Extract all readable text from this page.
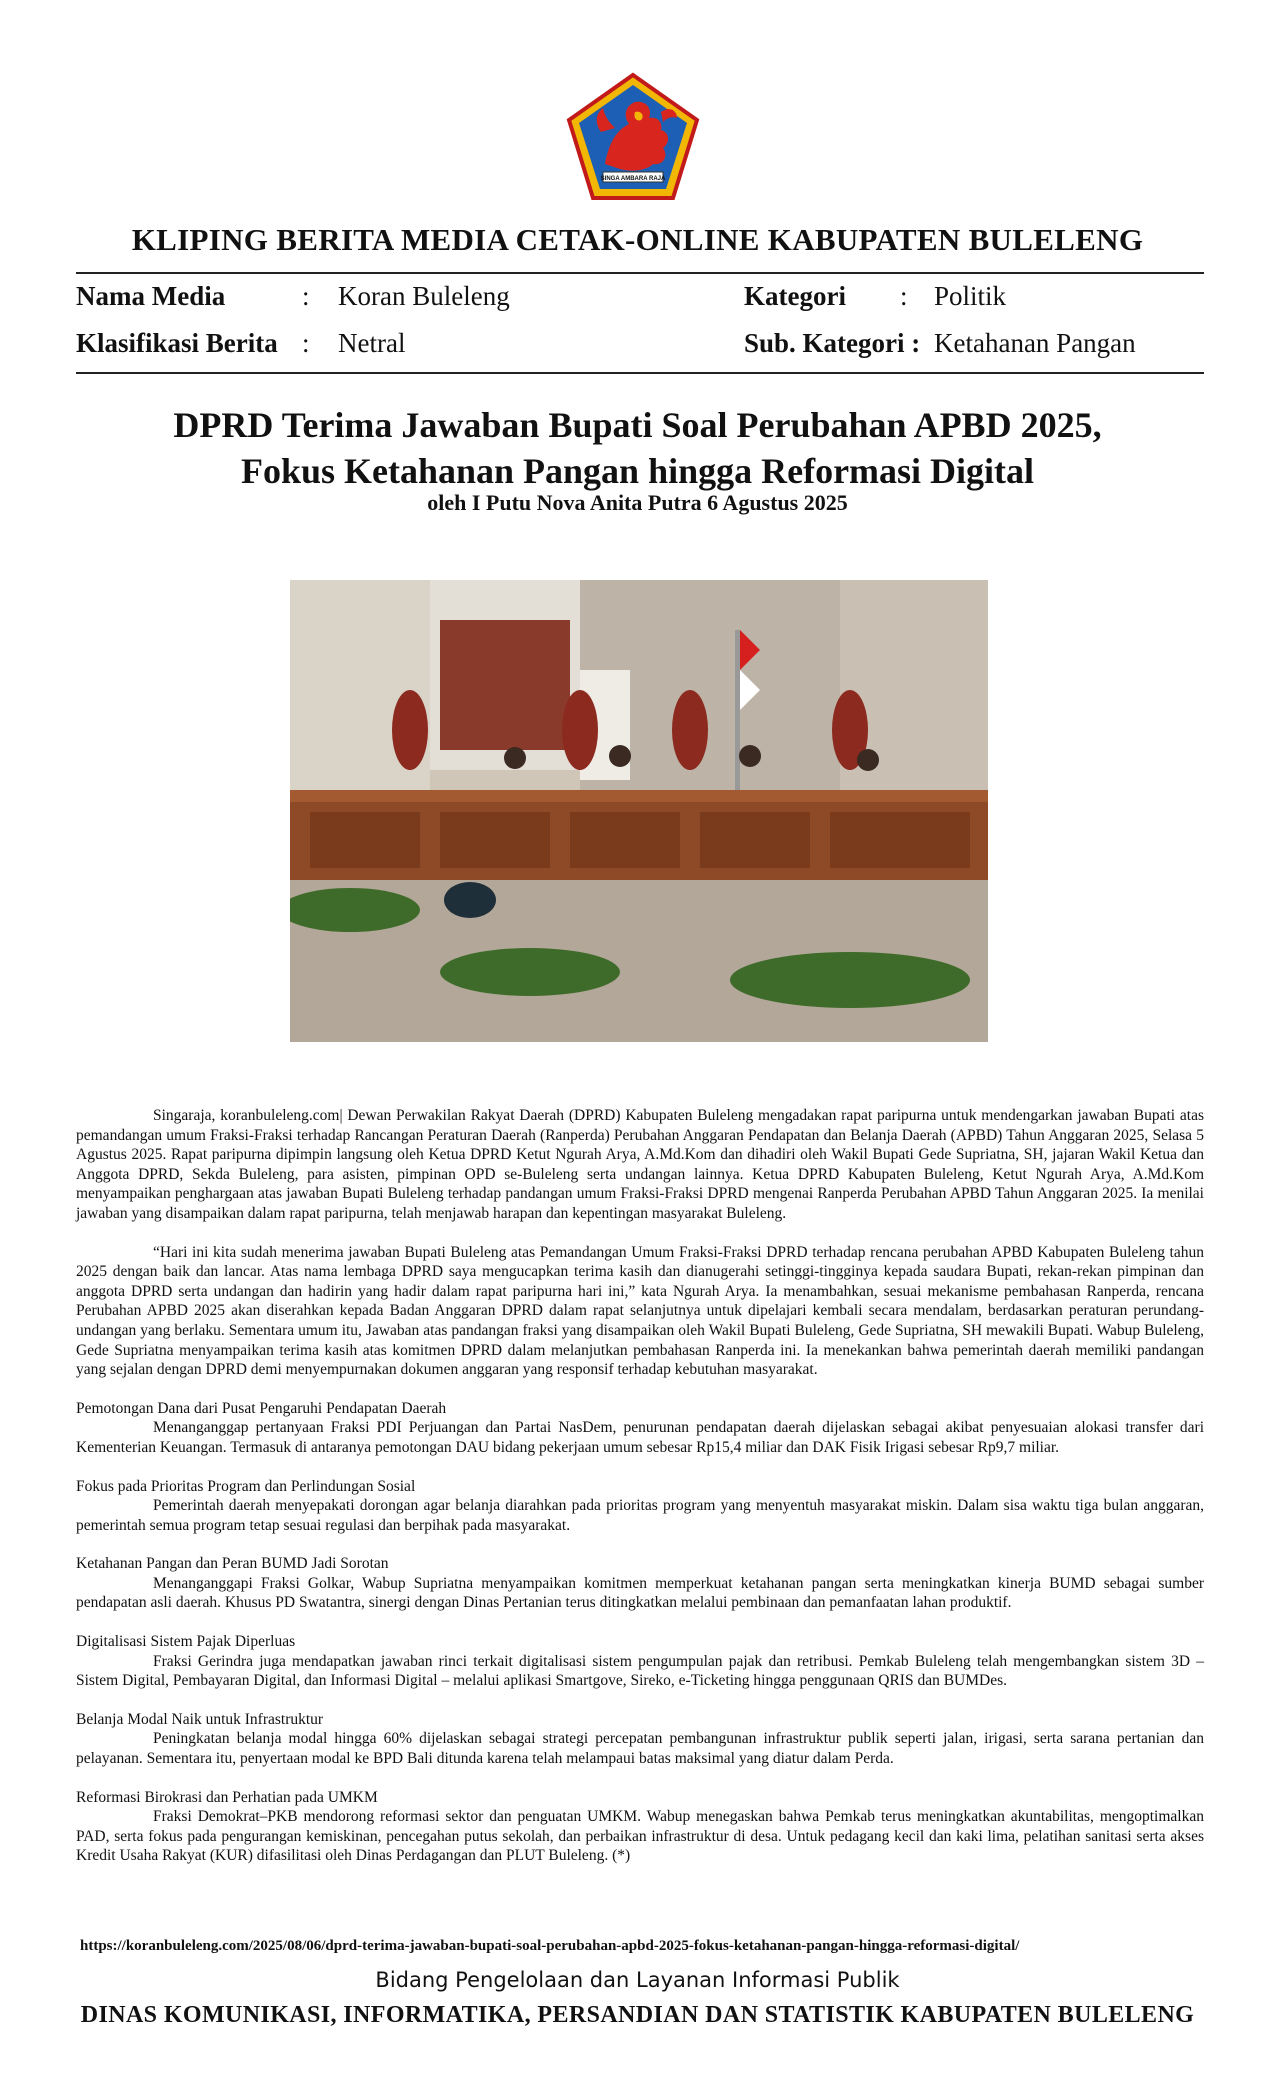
SINGA AMBARA RAJA
KLIPING BERITA MEDIA CETAK-ONLINE KABUPATEN BULELENG
Nama Media	: Koran Buleleng	Kategori : Politik
Klasifikasi Berita : Netral	Sub. Kategori : Ketahanan Pangan
DPRD Terima Jawaban Bupati Soal Perubahan APBD 2025,
Fokus Ketahanan Pangan hingga Reformasi Digital
oleh I Putu Nova Anita Putra 6 Agustus 2025

Singaraja, koranbuleleng.com| Dewan Perwakilan Rakyat Daerah (DPRD) Kabupaten Buleleng mengadakan rapat paripurna untuk mendengarkan jawaban Bupati atas pemandangan umum Fraksi-Fraksi terhadap Rancangan Peraturan Daerah (Ranperda) Perubahan Anggaran Pendapatan dan Belanja Daerah (APBD) Tahun Anggaran 2025, Selasa 5 Agustus 2025. Rapat paripurna dipimpin langsung oleh Ketua DPRD Ketut Ngurah Arya, A.Md.Kom dan dihadiri oleh Wakil Bupati Gede Supriatna, SH, jajaran Wakil Ketua dan Anggota DPRD, Sekda Buleleng, para asisten, pimpinan OPD se-Buleleng serta undangan lainnya. Ketua DPRD Kabupaten Buleleng, Ketut Ngurah Arya, A.Md.Kom menyampaikan penghargaan atas jawaban Bupati Buleleng terhadap pandangan umum Fraksi-Fraksi DPRD mengenai Ranperda Perubahan APBD Tahun Anggaran 2025. Ia menilai jawaban yang disampaikan dalam rapat paripurna, telah menjawab harapan dan kepentingan masyarakat Buleleng.

“Hari ini kita sudah menerima jawaban Bupati Buleleng atas Pemandangan Umum Fraksi-Fraksi DPRD terhadap rencana perubahan APBD Kabupaten Buleleng tahun 2025 dengan baik dan lancar. Atas nama lembaga DPRD saya mengucapkan terima kasih dan dianugerahi setinggi-tingginya kepada saudara Bupati, rekan-rekan pimpinan dan anggota DPRD serta undangan dan hadirin yang hadir dalam rapat paripurna hari ini,” kata Ngurah Arya. Ia menambahkan, sesuai mekanisme pembahasan Ranperda, rencana Perubahan APBD 2025 akan diserahkan kepada Badan Anggaran DPRD dalam rapat selanjutnya untuk dipelajari kembali secara mendalam, berdasarkan peraturan perundang-undangan yang berlaku. Sementara umum itu, Jawaban atas pandangan fraksi yang disampaikan oleh Wakil Bupati Buleleng, Gede Supriatna, SH mewakili Bupati. Wabup Buleleng, Gede Supriatna menyampaikan terima kasih atas komitmen DPRD dalam melanjutkan pembahasan Ranperda ini. Ia menekankan bahwa pemerintah daerah memiliki pandangan yang sejalan dengan DPRD demi menyempurnakan dokumen anggaran yang responsif terhadap kebutuhan masyarakat.

Pemotongan Dana dari Pusat Pengaruhi Pendapatan Daerah

Menanganggap pertanyaan Fraksi PDI Perjuangan dan Partai NasDem, penurunan pendapatan daerah dijelaskan sebagai akibat penyesuaian alokasi transfer dari Kementerian Keuangan. Termasuk di antaranya pemotongan DAU bidang pekerjaan umum sebesar Rp15,4 miliar dan DAK Fisik Irigasi sebesar Rp9,7 miliar.

Fokus pada Prioritas Program dan Perlindungan Sosial

Pemerintah daerah menyepakati dorongan agar belanja diarahkan pada prioritas program yang menyentuh masyarakat miskin. Dalam sisa waktu tiga bulan anggaran, pemerintah semua program tetap sesuai regulasi dan berpihak pada masyarakat.

Ketahanan Pangan dan Peran BUMD Jadi Sorotan

Menanganggapi Fraksi Golkar, Wabup Supriatna menyampaikan komitmen memperkuat ketahanan pangan serta meningkatkan kinerja BUMD sebagai sumber pendapatan asli daerah. Khusus PD Swatantra, sinergi dengan Dinas Pertanian terus ditingkatkan melalui pembinaan dan pemanfaatan lahan produktif.

Digitalisasi Sistem Pajak Diperluas

Fraksi Gerindra juga mendapatkan jawaban rinci terkait digitalisasi sistem pengumpulan pajak dan retribusi. Pemkab Buleleng telah mengembangkan sistem 3D – Sistem Digital, Pembayaran Digital, dan Informasi Digital – melalui aplikasi Smartgove, Sireko, e-Ticketing hingga penggunaan QRIS dan BUMDes.

Belanja Modal Naik untuk Infrastruktur

Peningkatan belanja modal hingga 60% dijelaskan sebagai strategi percepatan pembangunan infrastruktur publik seperti jalan, irigasi, serta sarana pertanian dan pelayanan. Sementara itu, penyertaan modal ke BPD Bali ditunda karena telah melampaui batas maksimal yang diatur dalam Perda.

Reformasi Birokrasi dan Perhatian pada UMKM

Fraksi Demokrat–PKB mendorong reformasi sektor dan penguatan UMKM. Wabup menegaskan bahwa Pemkab terus meningkatkan akuntabilitas, mengoptimalkan PAD, serta fokus pada pengurangan kemiskinan, pencegahan putus sekolah, dan perbaikan infrastruktur di desa. Untuk pedagang kecil dan kaki lima, pelatihan sanitasi serta akses Kredit Usaha Rakyat (KUR) difasilitasi oleh Dinas Perdagangan dan PLUT Buleleng. (*)

https://koranbuleleng.com/2025/08/06/dprd-terima-jawaban-bupati-soal-perubahan-apbd-2025-fokus-ketahanan-pangan-hingga-reformasi-digital/
Bidang Pengelolaan dan Layanan Informasi Publik
DINAS KOMUNIKASI, INFORMATIKA, PERSANDIAN DAN STATISTIK KABUPATEN BULELENG
